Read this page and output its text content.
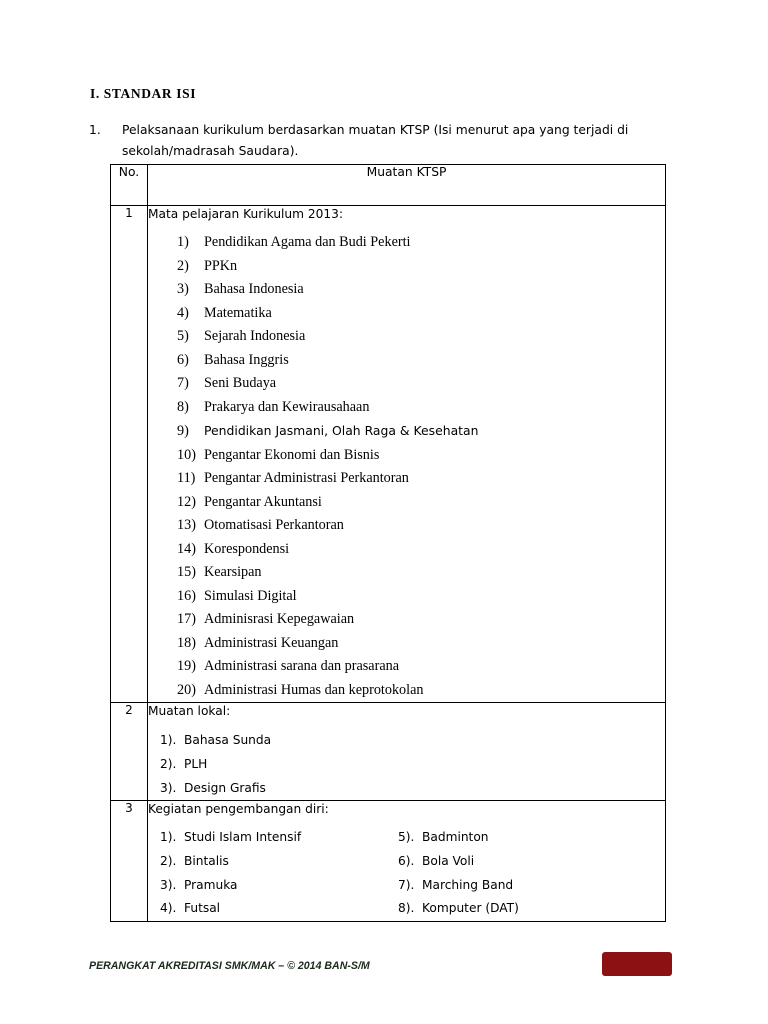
I. STANDAR ISI
1.	Pelaksanaan kurikulum berdasarkan muatan KTSP (Isi menurut apa yang terjadi di sekolah/madrasah Saudara).
No.	Muatan KTSP
1	Mata pelajaran Kurikulum 2013:
1)	Pendidikan Agama dan Budi Pekerti
2)	PPKn
3)	Bahasa Indonesia
4)	Matematika
5)	Sejarah Indonesia
6)	Bahasa Inggris
7)	Seni Budaya
8)	Prakarya dan Kewirausahaan
9)	Pendidikan Jasmani, Olah Raga & Kesehatan
10) Pengantar Ekonomi dan Bisnis
11) Pengantar Administrasi Perkantoran
12) Pengantar Akuntansi
13) Otomatisasi Perkantoran
14) Korespondensi
15) Kearsipan
16) Simulasi Digital
17) Adminisrasi Kepegawaian
18) Administrasi Keuangan
19) Administrasi sarana dan prasarana
20) Administrasi Humas dan keprotokolan

2	Muatan lokal:
1). Bahasa Sunda
2). PLH
3). Design Grafis

3	Kegiatan pengembangan diri:
1). Studi Islam Intensif
2). Bintalis
3). Pramuka
4). Futsal
5). Badminton
6). Bola Voli
7). Marching Band
8). Komputer (DAT)
PERANGKAT AKREDITASI SMK/MAK – © 2014 BAN-S/M
